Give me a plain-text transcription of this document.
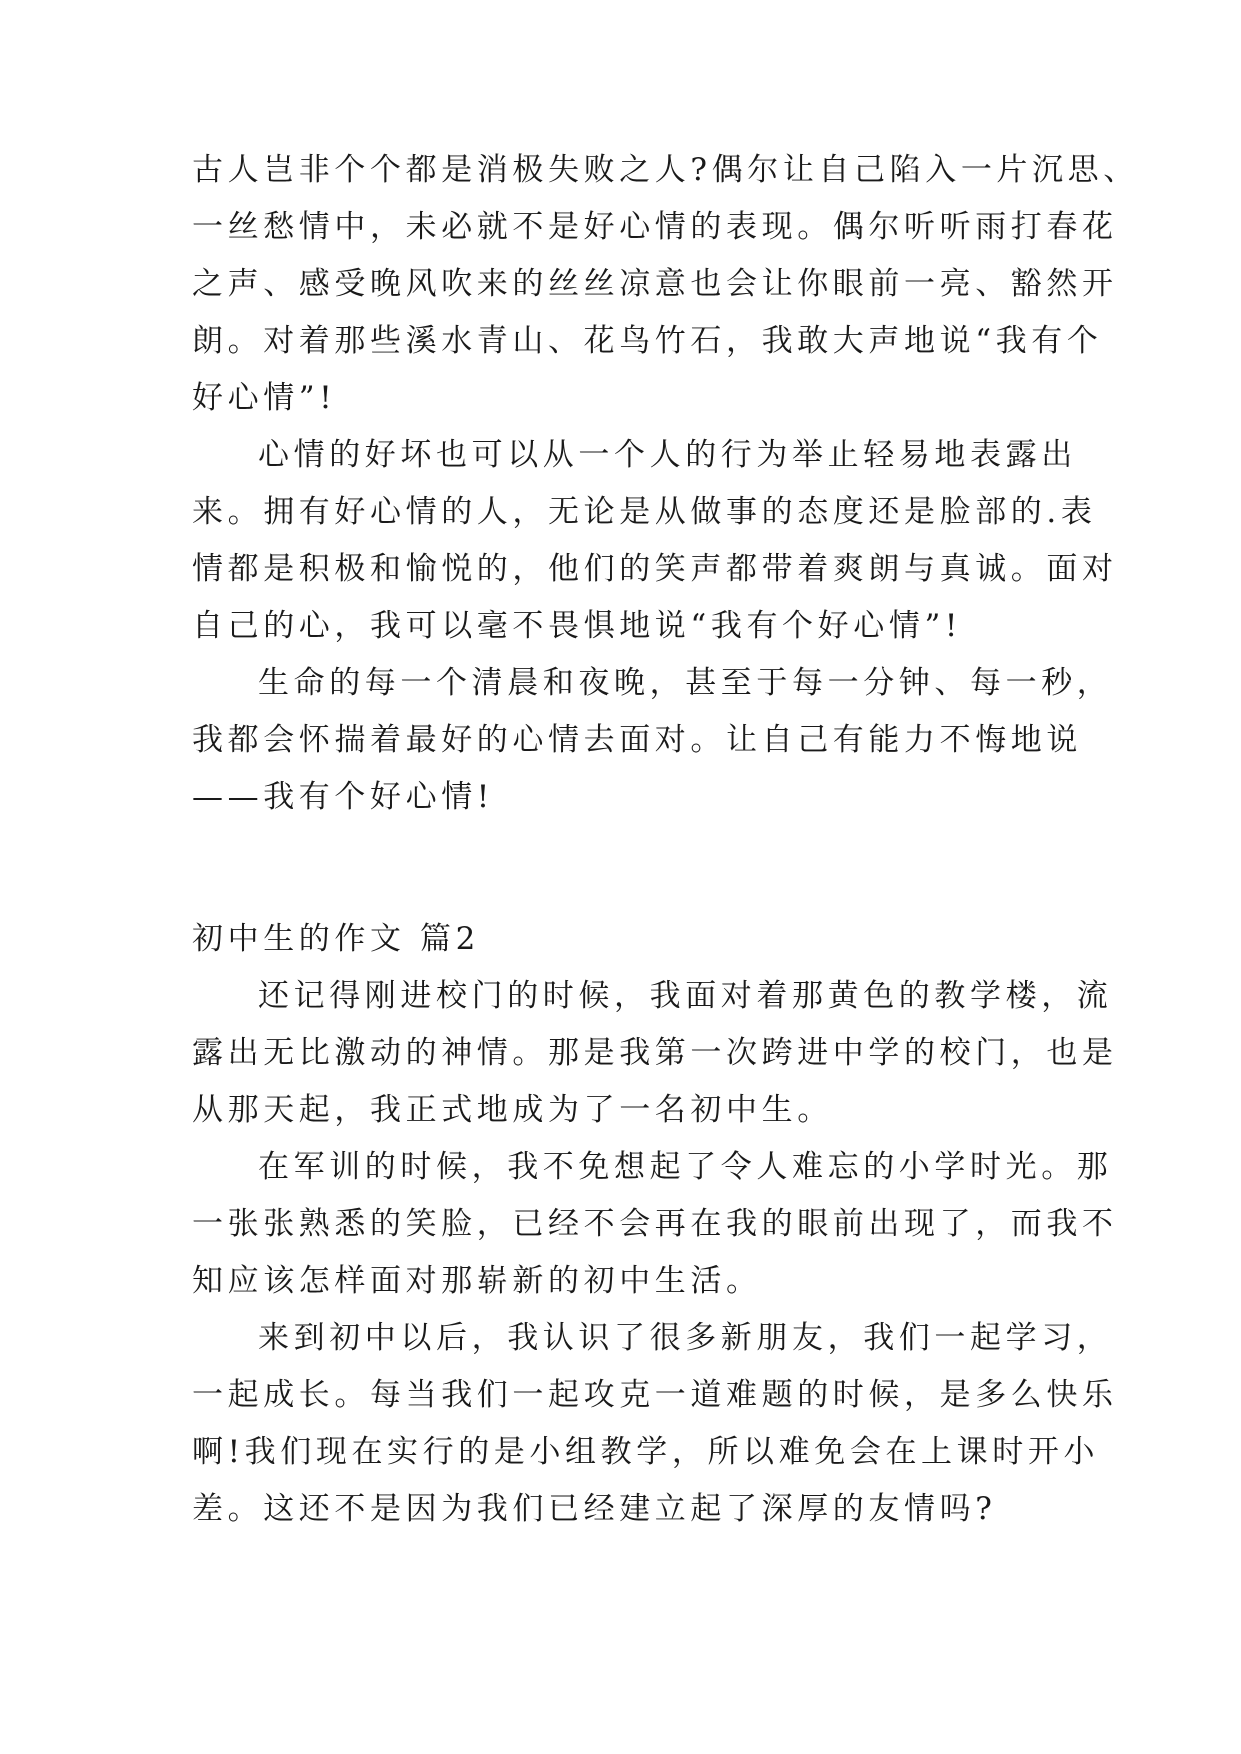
古人岂非个个都是消极失败之人?偶尔让自己陷入一片沉思、
一丝愁情中，未必就不是好心情的表现。偶尔听听雨打春花
之声、感受晚风吹来的丝丝凉意也会让你眼前一亮、豁然开
朗。对着那些溪水青山、花鸟竹石，我敢大声地说“我有个
好心情”!
心情的好坏也可以从一个人的行为举止轻易地表露出
来。拥有好心情的人，无论是从做事的态度还是脸部的.表
情都是积极和愉悦的，他们的笑声都带着爽朗与真诚。面对
自己的心，我可以毫不畏惧地说“我有个好心情”!
生命的每一个清晨和夜晚，甚至于每一分钟、每一秒，
我都会怀揣着最好的心情去面对。让自己有能力不悔地说
——我有个好心情!
初中生的作文 篇2
还记得刚进校门的时候，我面对着那黄色的教学楼，流
露出无比激动的神情。那是我第一次跨进中学的校门，也是
从那天起，我正式地成为了一名初中生。
在军训的时候，我不免想起了令人难忘的小学时光。那
一张张熟悉的笑脸，已经不会再在我的眼前出现了，而我不
知应该怎样面对那崭新的初中生活。
来到初中以后，我认识了很多新朋友，我们一起学习，
一起成长。每当我们一起攻克一道难题的时候，是多么快乐
啊!我们现在实行的是小组教学，所以难免会在上课时开小
差。这还不是因为我们已经建立起了深厚的友情吗?
